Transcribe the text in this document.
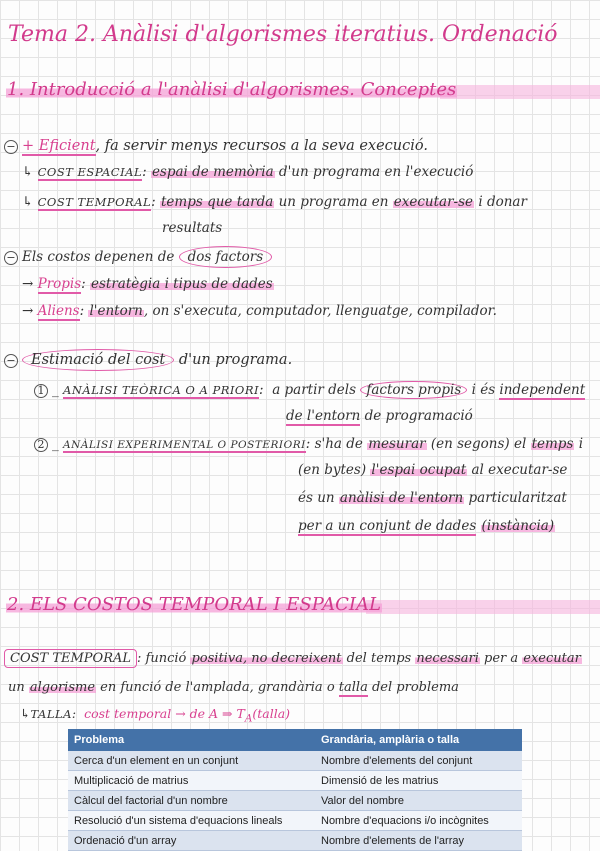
Tema 2. Anàlisi d'algorismes iteratius. Ordenació
1. Introducció a l'anàlisi d'algorismes. Conceptes
− + Eficient, fa servir menys recursos a la seva execució.
↳ COST ESPACIAL: espai de memòria d'un programa en l'execució
↳ COST TEMPORAL: temps que tarda un programa en executar-se i donar
resultats
− Els costos depenen de dos factors
→ Propis: estratègia i tipus de dades
→ Aliens: l'entorn, on s'executa, computador, llenguatge, compilador.
− Estimació del cost d'un programa.
1 _ ANÀLISI TEÒRICA O A PRIORI:  a partir dels factors propis i és independent
de l'entorn de programació
2 _ ANÀLISI EXPERIMENTAL O POSTERIORI: s'ha de mesurar (en segons) el temps i
(en bytes) l'espai ocupat al executar-se
és un anàlisi de l'entorn particularitzat
per a un conjunt de dades (instància)
2. ELS COSTOS TEMPORAL I ESPACIAL
COST TEMPORAL : funció positiva, no decreixent del temps necessari per a executar
un algorisme en funció de l'amplada, grandària o talla del problema
↳TALLA:  cost temporal → de A ⇒ $T_A(talla)$
Problema	Grandària, amplària o talla
Cerca d'un element en un conjunt	Nombre d'elements del conjunt
Multiplicació de matrius	Dimensió de les matrius
Càlcul del factorial d'un nombre	Valor del nombre
Resolució d'un sistema d'equacions lineals	Nombre d'equacions i/o incògnites
Ordenació d'un array	Nombre d'elements de l'array
